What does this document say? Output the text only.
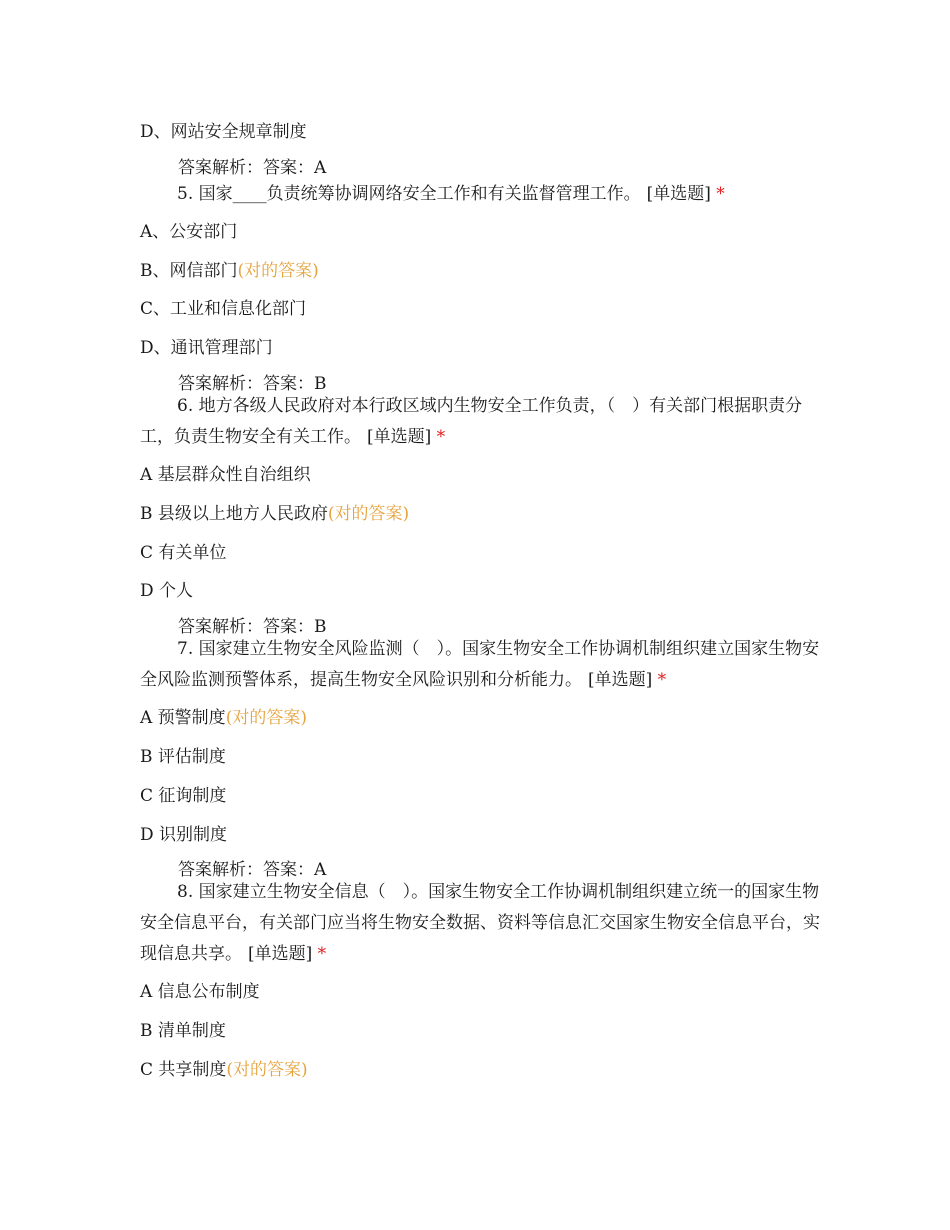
D、网站安全规章制度
答案解析：答案：A
5. 国家____负责统筹协调网络安全工作和有关监督管理工作。 [单选题] *
A、公安部门
B、网信部门(对的答案)
C、工业和信息化部门
D、通讯管理部门
答案解析：答案：B
6. 地方各级人民政府对本行政区域内生物安全工作负责，（　）有关部门根据职责分工，负责生物安全有关工作。 [单选题] *
A 基层群众性自治组织
B 县级以上地方人民政府(对的答案)
C 有关单位
D 个人
答案解析：答案：B
7. 国家建立生物安全风险监测（　）。国家生物安全工作协调机制组织建立国家生物安全风险监测预警体系，提高生物安全风险识别和分析能力。 [单选题] *
A 预警制度(对的答案)
B 评估制度
C 征询制度
D 识别制度
答案解析：答案：A
8. 国家建立生物安全信息（　）。国家生物安全工作协调机制组织建立统一的国家生物安全信息平台，有关部门应当将生物安全数据、资料等信息汇交国家生物安全信息平台，实现信息共享。 [单选题] *
A 信息公布制度
B 清单制度
C 共享制度(对的答案)
